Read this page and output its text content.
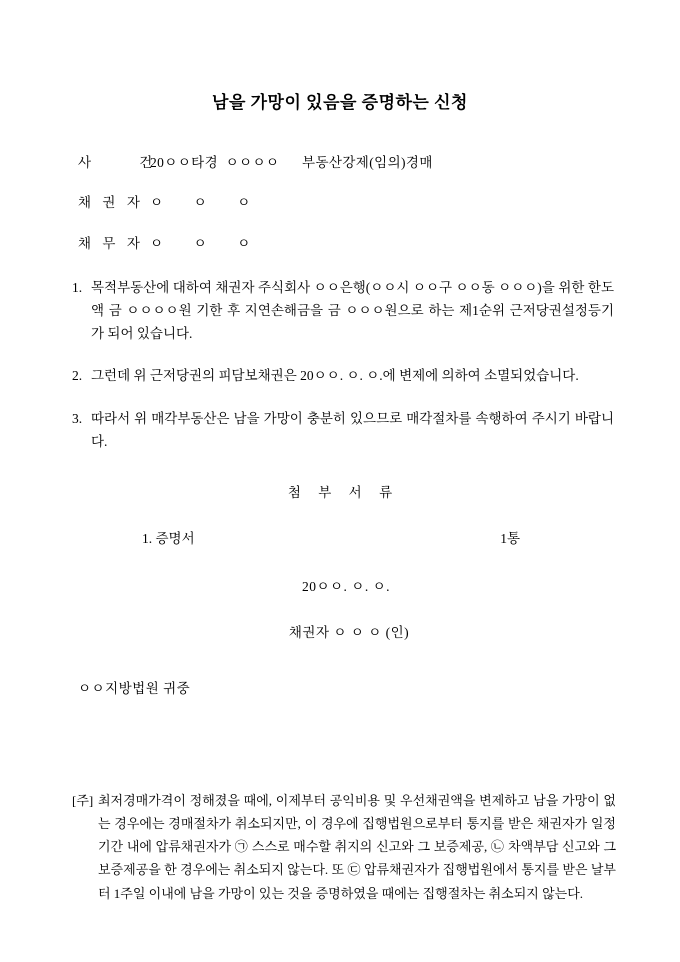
남을 가망이 있음을 증명하는 신청
사      건
20ㅇㅇ타경  ㅇㅇㅇㅇ      부동산강제(임의)경매
채 권 자 ㅇ        ㅇ        ㅇ
채 무 자 ㅇ        ㅇ        ㅇ
1. 목적부동산에 대하여 채권자 주식회사 ㅇㅇ은행(ㅇㅇ시 ㅇㅇ구 ㅇㅇ동 ㅇㅇㅇ)을 위한 한도액 금 ㅇㅇㅇㅇ원 기한 후 지연손해금을 금 ㅇㅇㅇ원으로 하는 제1순위 근저당권설정등기가 되어 있습니다.
2. 그런데 위 근저당권의 피담보채권은 20ㅇㅇ. ㅇ. ㅇ.에 변제에 의하여 소멸되었습니다.
3. 따라서 위 매각부동산은 남을 가망이 충분히 있으므로 매각절차를 속행하여 주시기 바랍니다.
첨 부 서 류
1. 증명서	1통
20ㅇㅇ. ㅇ. ㅇ.
채권자 ㅇ ㅇ ㅇ (인)
ㅇㅇ지방법원 귀중
[주] 최저경매가격이 정해졌을 때에, 이제부터 공익비용 및 우선채권액을 변제하고 남을 가망이 없는 경우에는 경매절차가 취소되지만, 이 경우에 집행법원으로부터 통지를 받은 채권자가 일정기간 내에 압류채권자가 ㉠ 스스로 매수할 취지의 신고와 그 보증제공, ㉡ 차액부담 신고와 그 보증제공을 한 경우에는 취소되지 않는다. 또 ㉢ 압류채권자가 집행법원에서 통지를 받은 날부터 1주일 이내에 남을 가망이 있는 것을 증명하였을 때에는 집행절차는 취소되지 않는다.
